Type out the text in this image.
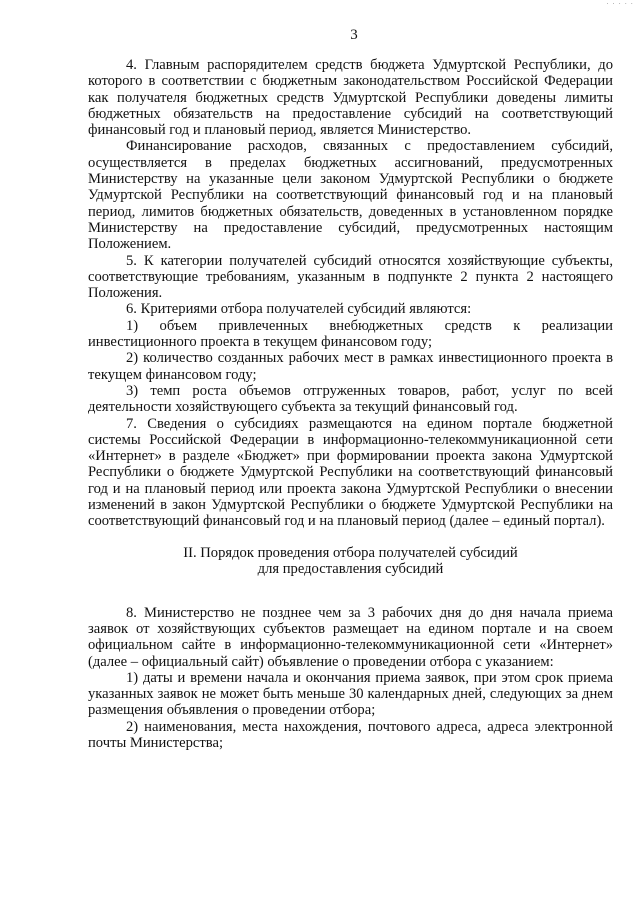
· · · · ·
3

4. Главным распорядителем средств бюджета Удмуртской Республики, до которого в соответствии с бюджетным законодательством Российской Федерации как получателя бюджетных средств Удмуртской Республики доведены лимиты бюджетных обязательств на предоставление субсидий на соответствующий финансовый год и плановый период, является Министерство.

Финансирование расходов, связанных с предоставлением субсидий, осуществляется в пределах бюджетных ассигнований, предусмотренных Министерству на указанные цели законом Удмуртской Республики о бюджете Удмуртской Республики на соответствующий финансовый год и на плановый период, лимитов бюджетных обязательств, доведенных в установленном порядке Министерству на предоставление субсидий, предусмотренных настоящим Положением.

5. К категории получателей субсидий относятся хозяйствующие субъекты, соответствующие требованиям, указанным в подпункте 2 пункта 2 настоящего Положения.

6. Критериями отбора получателей субсидий являются:

1) объем привлеченных внебюджетных средств к реализации инвестиционного проекта в текущем финансовом году;

2) количество созданных рабочих мест в рамках инвестиционного проекта в текущем финансовом году;

3) темп роста объемов отгруженных товаров, работ, услуг по всей деятельности хозяйствующего субъекта за текущий финансовый год.

7. Сведения о субсидиях размещаются на едином портале бюджетной системы Российской Федерации в информационно-телекоммуникационной сети «Интернет» в разделе «Бюджет» при формировании проекта закона Удмуртской Республики о бюджете Удмуртской Республики на соответствующий финансовый год и на плановый период или проекта закона Удмуртской Республики о внесении изменений в закон Удмуртской Республики о бюджете Удмуртской Республики на соответствующий финансовый год и на плановый период (далее – единый портал).

II. Порядок проведения отбора получателей субсидий
для предоставления субсидий

8. Министерство не позднее чем за 3 рабочих дня до дня начала приема заявок от хозяйствующих субъектов размещает на едином портале и на своем официальном сайте в информационно-телекоммуникационной сети «Интернет» (далее – официальный сайт) объявление о проведении отбора с указанием:

1) даты и времени начала и окончания приема заявок, при этом срок приема указанных заявок не может быть меньше 30 календарных дней, следующих за днем размещения объявления о проведении отбора;

2) наименования, места нахождения, почтового адреса, адреса электронной почты Министерства;
